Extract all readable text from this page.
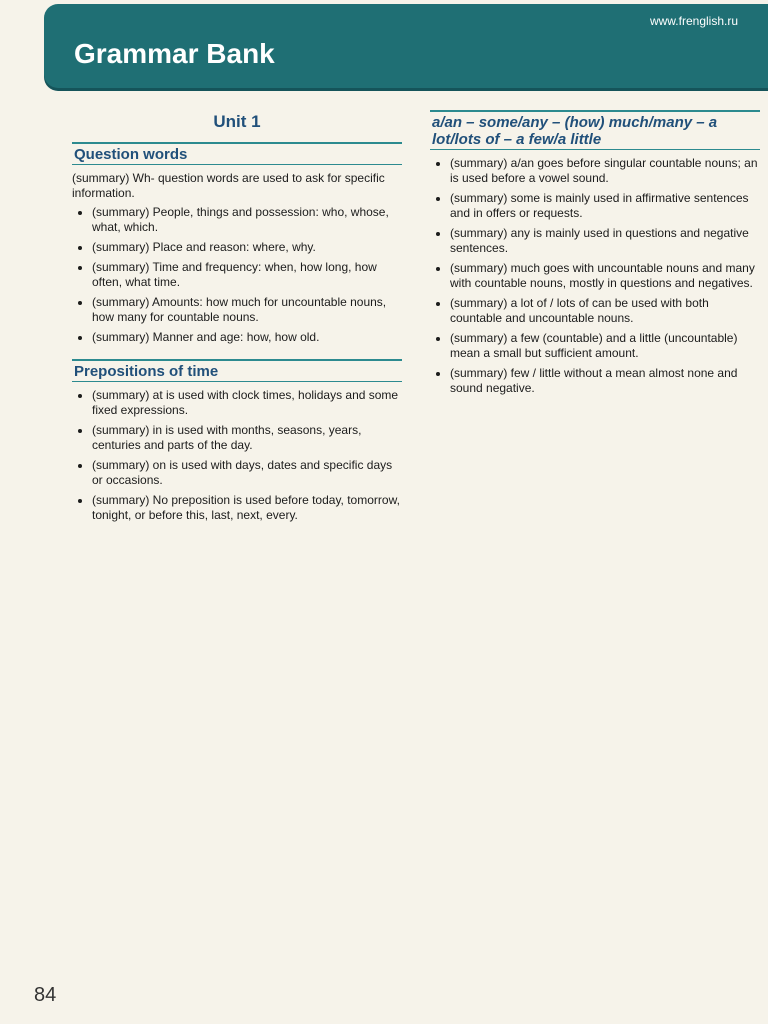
Grammar Bank
www.frenglish.ru
Unit 1
Question words

(summary) Wh- question words are used to ask for specific information.

• (summary) People, things and possession: who, whose, what, which.
• (summary) Place and reason: where, why.
• (summary) Time and frequency: when, how long, how often, what time.
• (summary) Amounts: how much for uncountable nouns, how many for countable nouns.
• (summary) Manner and age: how, how old.
Prepositions of time
• (summary) at is used with clock times, holidays and some fixed expressions.
• (summary) in is used with months, seasons, years, centuries and parts of the day.
• (summary) on is used with days, dates and specific days or occasions.
• (summary) No preposition is used before today, tomorrow, tonight, or before this, last, next, every.
a/an – some/any – (how) much/many – a lot/lots of – a few/a little
• (summary) a/an goes before singular countable nouns; an is used before a vowel sound.
• (summary) some is mainly used in affirmative sentences and in offers or requests.
• (summary) any is mainly used in questions and negative sentences.
• (summary) much goes with uncountable nouns and many with countable nouns, mostly in questions and negatives.
• (summary) a lot of / lots of can be used with both countable and uncountable nouns.
• (summary) a few (countable) and a little (uncountable) mean a small but sufficient amount.
• (summary) few / little without a mean almost none and sound negative.
84
